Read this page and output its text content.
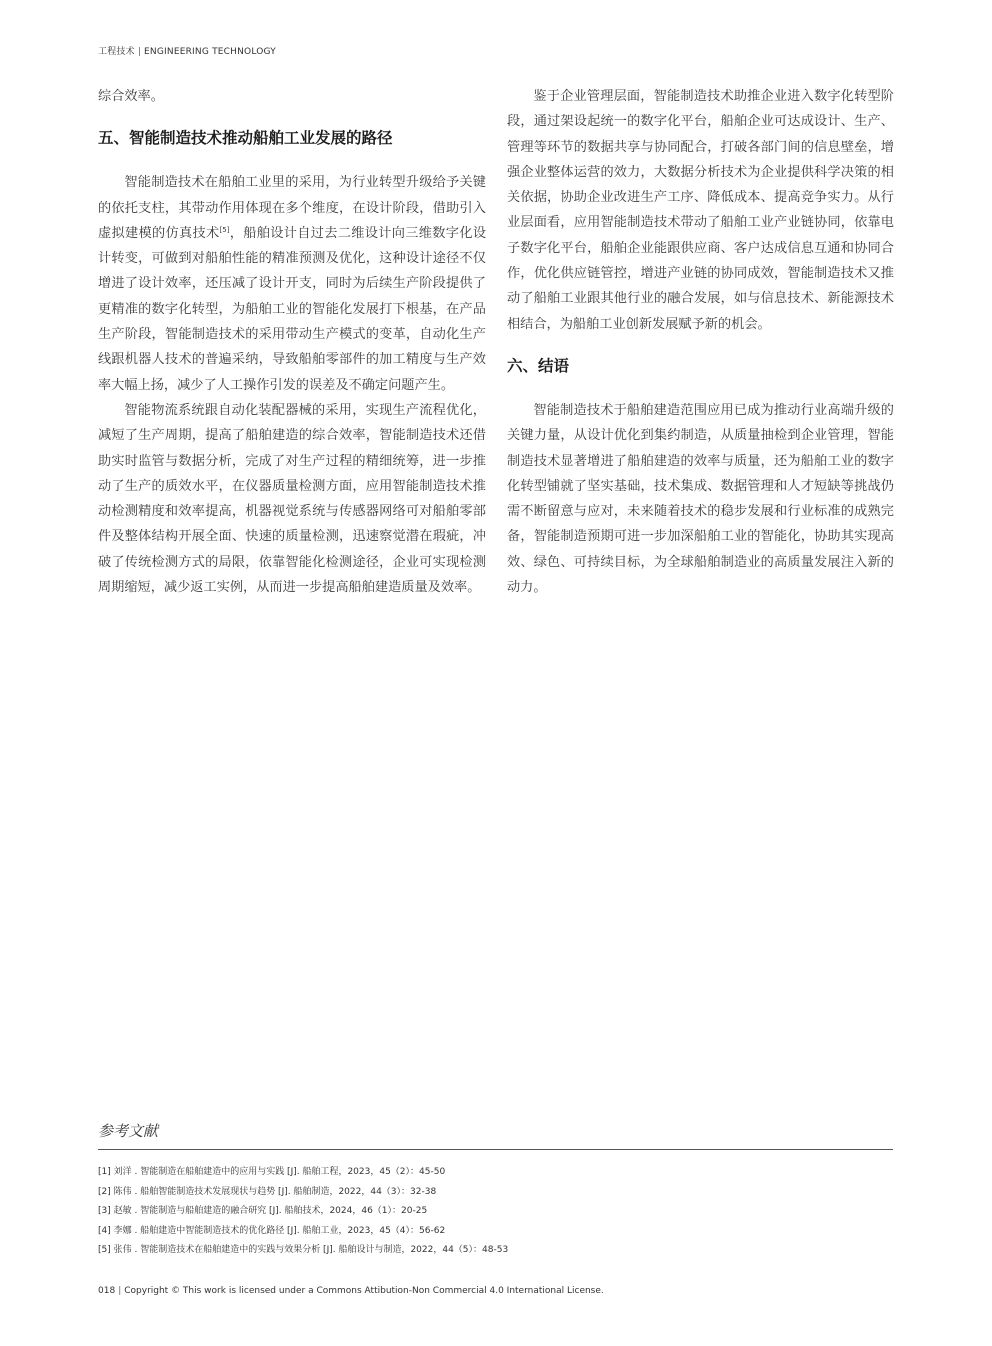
工程技术 | ENGINEERING TECHNOLOGY

综合效率。

五、智能制造技术推动船舶工业发展的路径

智能制造技术在船舶工业里的采用，为行业转型升级给予关键的依托支柱，其带动作用体现在多个维度，在设计阶段，借助引入虚拟建模的仿真技术[5]，船舶设计自过去二维设计向三维数字化设计转变，可做到对船舶性能的精准预测及优化，这种设计途径不仅增进了设计效率，还压减了设计开支，同时为后续生产阶段提供了更精准的数字化转型，为船舶工业的智能化发展打下根基，在产品生产阶段，智能制造技术的采用带动生产模式的变革，自动化生产线跟机器人技术的普遍采纳，导致船舶零部件的加工精度与生产效率大幅上扬，减少了人工操作引发的误差及不确定问题产生。

智能物流系统跟自动化装配器械的采用，实现生产流程优化，减短了生产周期，提高了船舶建造的综合效率，智能制造技术还借助实时监管与数据分析，完成了对生产过程的精细统筹，进一步推动了生产的质效水平，在仪器质量检测方面，应用智能制造技术推动检测精度和效率提高，机器视觉系统与传感器网络可对船舶零部件及整体结构开展全面、快速的质量检测，迅速察觉潜在瑕疵，冲破了传统检测方式的局限，依靠智能化检测途径，企业可实现检测周期缩短，减少返工实例，从而进一步提高船舶建造质量及效率。

鉴于企业管理层面，智能制造技术助推企业进入数字化转型阶段，通过架设起统一的数字化平台，船舶企业可达成设计、生产、管理等环节的数据共享与协同配合，打破各部门间的信息壁垒，增强企业整体运营的效力，大数据分析技术为企业提供科学决策的相关依据，协助企业改进生产工序、降低成本、提高竞争实力。从行业层面看，应用智能制造技术带动了船舶工业产业链协同，依靠电子数字化平台，船舶企业能跟供应商、客户达成信息互通和协同合作，优化供应链管控，增进产业链的协同成效，智能制造技术又推动了船舶工业跟其他行业的融合发展，如与信息技术、新能源技术相结合，为船舶工业创新发展赋予新的机会。

六、结语

智能制造技术于船舶建造范围应用已成为推动行业高端升级的关键力量，从设计优化到集约制造，从质量抽检到企业管理，智能制造技术显著增进了船舶建造的效率与质量，还为船舶工业的数字化转型铺就了坚实基础，技术集成、数据管理和人才短缺等挑战仍需不断留意与应对，未来随着技术的稳步发展和行业标准的成熟完备，智能制造预期可进一步加深船舶工业的智能化，协助其实现高效、绿色、可持续目标，为全球船舶制造业的高质量发展注入新的动力。

参考文献
[1] 刘洋 . 智能制造在船舶建造中的应用与实践 [J]. 船舶工程，2023，45（2）：45-50
[2] 陈伟 . 船舶智能制造技术发展现状与趋势 [J]. 船舶制造，2022，44（3）：32-38
[3] 赵敏 . 智能制造与船舶建造的融合研究 [J]. 船舶技术，2024，46（1）：20-25
[4] 李娜 . 船舶建造中智能制造技术的优化路径 [J]. 船舶工业，2023，45（4）：56-62
[5] 张伟 . 智能制造技术在船舶建造中的实践与效果分析 [J]. 船舶设计与制造，2022，44（5）：48-53
018 | Copyright © This work is licensed under a Commons Attibution-Non Commercial 4.0 International License.
